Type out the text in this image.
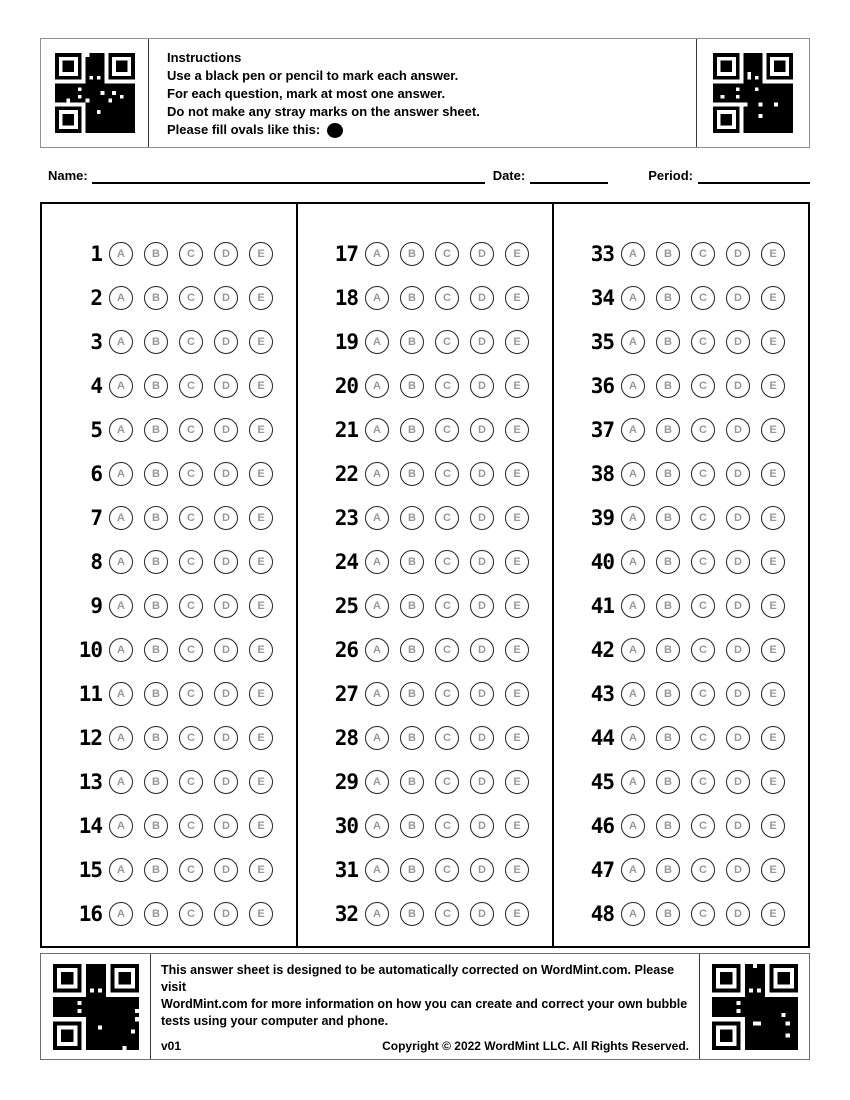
Instructions
Use a black pen or pencil to mark each answer.
For each question, mark at most one answer.
Do not make any stray marks on the answer sheet.
Please fill ovals like this:
Name:	Date:	Period:
1 A B C D E
2 A B C D E
3 A B C D E
4 A B C D E
5 A B C D E
6 A B C D E
7 A B C D E
8 A B C D E
9 A B C D E
10 A B C D E
11 A B C D E
12 A B C D E
13 A B C D E
14 A B C D E
15 A B C D E
16 A B C D E
17 A B C D E
18 A B C D E
19 A B C D E
20 A B C D E
21 A B C D E
22 A B C D E
23 A B C D E
24 A B C D E
25 A B C D E
26 A B C D E
27 A B C D E
28 A B C D E
29 A B C D E
30 A B C D E
31 A B C D E
32 A B C D E
33 A B C D E
34 A B C D E
35 A B C D E
36 A B C D E
37 A B C D E
38 A B C D E
39 A B C D E
40 A B C D E
41 A B C D E
42 A B C D E
43 A B C D E
44 A B C D E
45 A B C D E
46 A B C D E
47 A B C D E
48 A B C D E
This answer sheet is designed to be automatically corrected on WordMint.com. Please visit
WordMint.com for more information on how you can create and correct your own bubble
tests using your computer and phone.
v01	Copyright © 2022 WordMint LLC. All Rights Reserved.
